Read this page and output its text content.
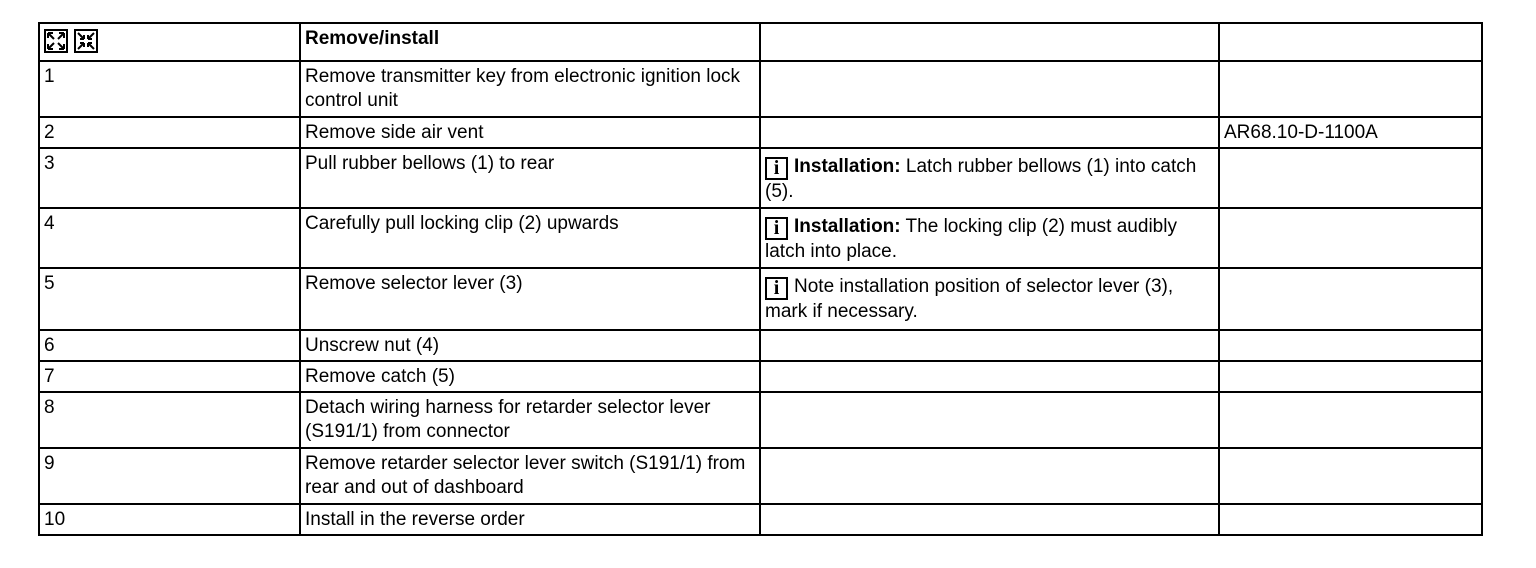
	Remove/install		
1	Remove transmitter key from electronic ignition lock control unit		
2	Remove side air vent		AR68.10-D-1100A
3	Pull rubber bellows (1) to rear	i Installation: Latch rubber bellows (1) into catch (5).	
4	Carefully pull locking clip (2) upwards	i Installation: The locking clip (2) must audibly latch into place.	
5	Remove selector lever (3)	i Note installation position of selector lever (3), mark if necessary.	
6	Unscrew nut (4)		
7	Remove catch (5)		
8	Detach wiring harness for retarder selector lever (S191/1) from connector		
9	Remove retarder selector lever switch (S191/1) from rear and out of dashboard		
10	Install in the reverse order		
